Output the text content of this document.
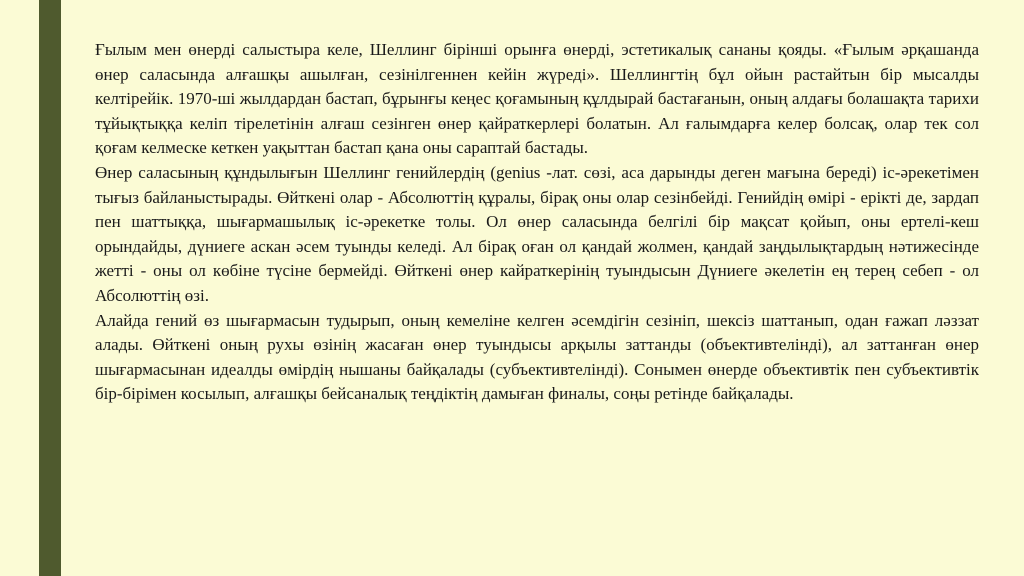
Ғылым мен өнерді салыстыра келе, Шеллинг бірінші орынға өнерді, эстетикалық сананы қояды. «Ғылым әрқашанда өнер саласында алғашқы ашылған, сезінілгеннен кейін жүреді». Шеллингтің бұл ойын растайтын бір мысалды келтірейік. 1970-ші жылдардан бастап, бұрынғы кеңес қоғамының құлдырай бастағанын, оның алдағы болашақта тарихи тұйықтыққа келіп тірелетінін алғаш сезінген өнер қайраткерлері болатын. Ал ғалымдарға келер болсақ, олар тек сол қоғам келмеске кеткен уақыттан бастап қана оны сараптай бастады.

Өнер саласының құндылығын Шеллинг генийлердің (genius -лат. сөзі, аса дарынды деген мағына береді) іс-әрекетімен тығыз байланыстырады. Өйткені олар - Абсолюттің құралы, бірақ оны олар сезінбейді. Генийдің өмірі - ерікті де, зардап пен шаттыққа, шығармашылық іс-әрекетке толы. Ол өнер саласында белгілі бір мақсат қойып, оны ертелі-кеш орындайды, дүниеге аскан әсем туынды келеді. Ал бірақ оған ол қандай жолмен, қандай заңдылықтардың нәтижесінде жетті - оны ол көбіне түсіне бермейді. Өйткені өнер кайраткерінің туындысын Дүниеге әкелетін ең терең себеп - ол Абсолюттің өзі.

Алайда гений өз шығармасын тудырып, оның кемеліне келген әсемдігін сезініп, шексіз шаттанып, одан ғажап ләззат алады. Өйткені оның рухы өзінің жасаған өнер туындысы арқылы заттанды (объективтелінді), ал заттанған өнер шығармасынан идеалды өмірдің нышаны байқалады (субъективтелінді). Сонымен өнерде объективтік пен субъективтік бір-бірімен косылып, алғашқы бейсаналық теңдіктің дамыған финалы, соңы ретінде байқалады.
